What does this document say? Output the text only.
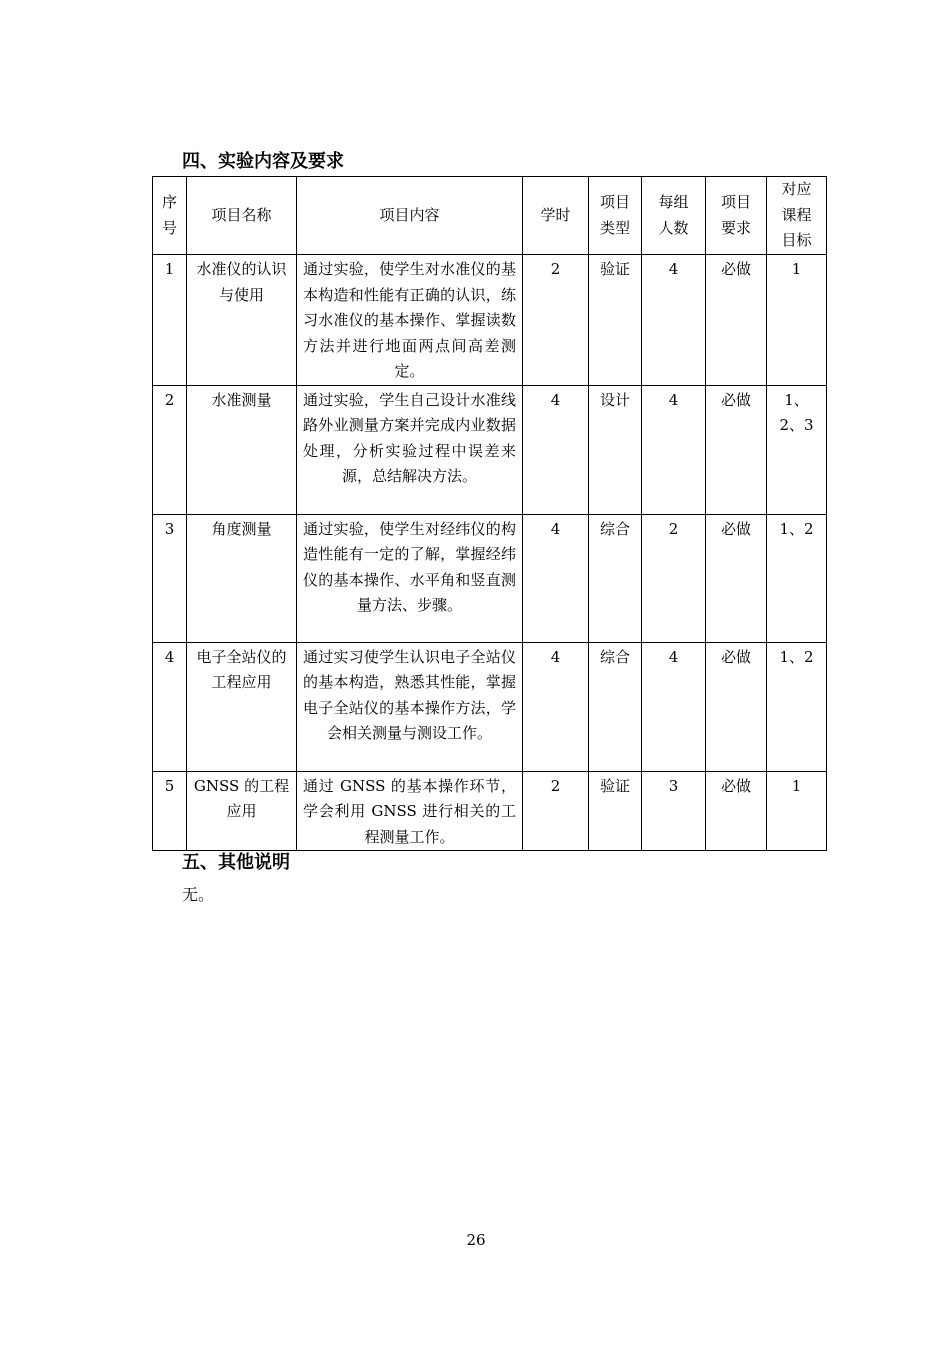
四、实验内容及要求
序号	项目名称	项目内容	学时	项目类型	每组人数	项目要求	对应课程目标
1	水准仪的认识与使用	通过实验，使学生对水准仪的基本构造和性能有正确的认识，练习水准仪的基本操作、掌握读数方法并进行地面两点间高差测定。	2	验证	4	必做	1
2	水准测量	通过实验，学生自己设计水准线路外业测量方案并完成内业数据处理，分析实验过程中误差来源，总结解决方法。	4	设计	4	必做	1、2、3
3	角度测量	通过实验，使学生对经纬仪的构造性能有一定的了解，掌握经纬仪的基本操作、水平角和竖直测量方法、步骤。	4	综合	2	必做	1、2
4	电子全站仪的工程应用	通过实习使学生认识电子全站仪的基本构造，熟悉其性能，掌握电子全站仪的基本操作方法，学会相关测量与测设工作。	4	综合	4	必做	1、2
5	GNSS 的工程应用	通过 GNSS 的基本操作环节，学会利用 GNSS 进行相关的工程测量工作。	2	验证	3	必做	1
五、其他说明
无。
26
